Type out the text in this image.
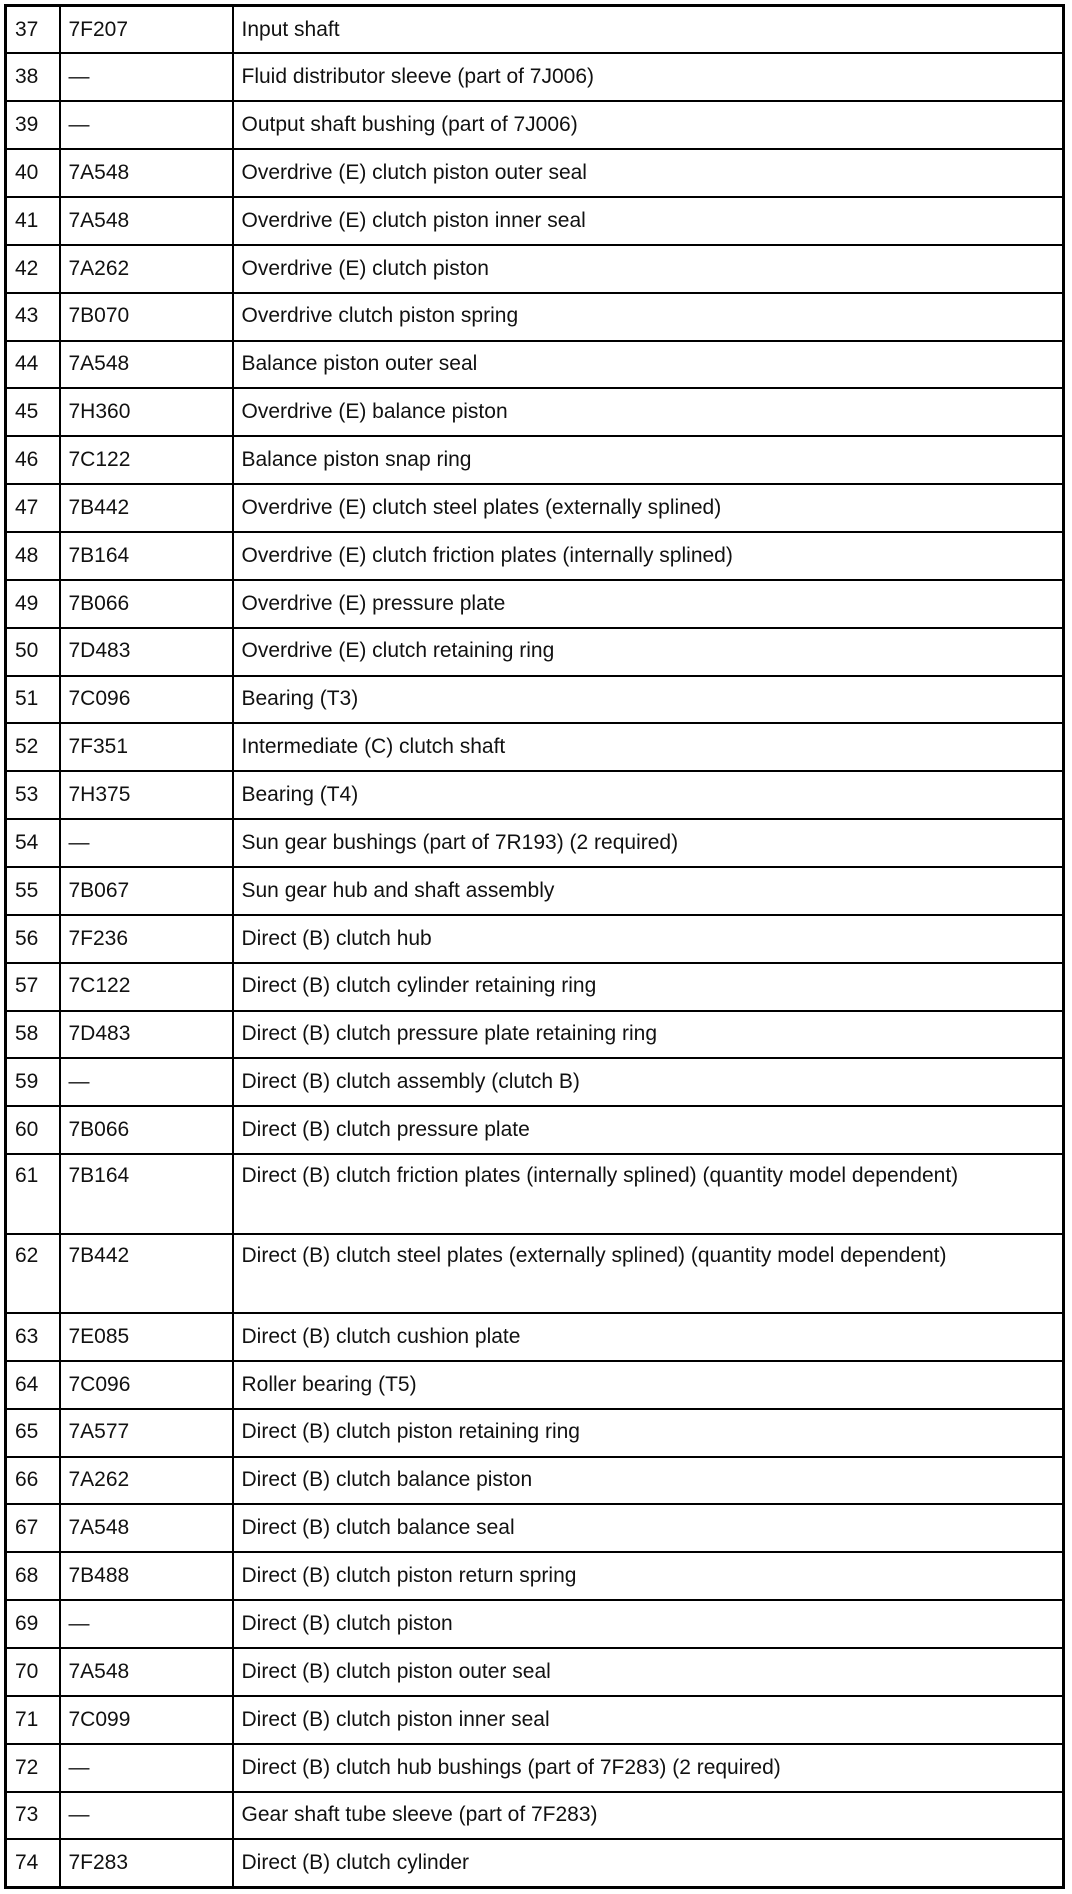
37	7F207	Input shaft
38	—	Fluid distributor sleeve (part of 7J006)
39	—	Output shaft bushing (part of 7J006)
40	7A548	Overdrive (E) clutch piston outer seal
41	7A548	Overdrive (E) clutch piston inner seal
42	7A262	Overdrive (E) clutch piston
43	7B070	Overdrive clutch piston spring
44	7A548	Balance piston outer seal
45	7H360	Overdrive (E) balance piston
46	7C122	Balance piston snap ring
47	7B442	Overdrive (E) clutch steel plates (externally splined)
48	7B164	Overdrive (E) clutch friction plates (internally splined)
49	7B066	Overdrive (E) pressure plate
50	7D483	Overdrive (E) clutch retaining ring
51	7C096	Bearing (T3)
52	7F351	Intermediate (C) clutch shaft
53	7H375	Bearing (T4)
54	—	Sun gear bushings (part of 7R193) (2 required)
55	7B067	Sun gear hub and shaft assembly
56	7F236	Direct (B) clutch hub
57	7C122	Direct (B) clutch cylinder retaining ring
58	7D483	Direct (B) clutch pressure plate retaining ring
59	—	Direct (B) clutch assembly (clutch B)
60	7B066	Direct (B) clutch pressure plate
61	7B164	Direct (B) clutch friction plates (internally splined) (quantity model dependent)
62	7B442	Direct (B) clutch steel plates (externally splined) (quantity model dependent)
63	7E085	Direct (B) clutch cushion plate
64	7C096	Roller bearing (T5)
65	7A577	Direct (B) clutch piston retaining ring
66	7A262	Direct (B) clutch balance piston
67	7A548	Direct (B) clutch balance seal
68	7B488	Direct (B) clutch piston return spring
69	—	Direct (B) clutch piston
70	7A548	Direct (B) clutch piston outer seal
71	7C099	Direct (B) clutch piston inner seal
72	—	Direct (B) clutch hub bushings (part of 7F283) (2 required)
73	—	Gear shaft tube sleeve (part of 7F283)
74	7F283	Direct (B) clutch cylinder
